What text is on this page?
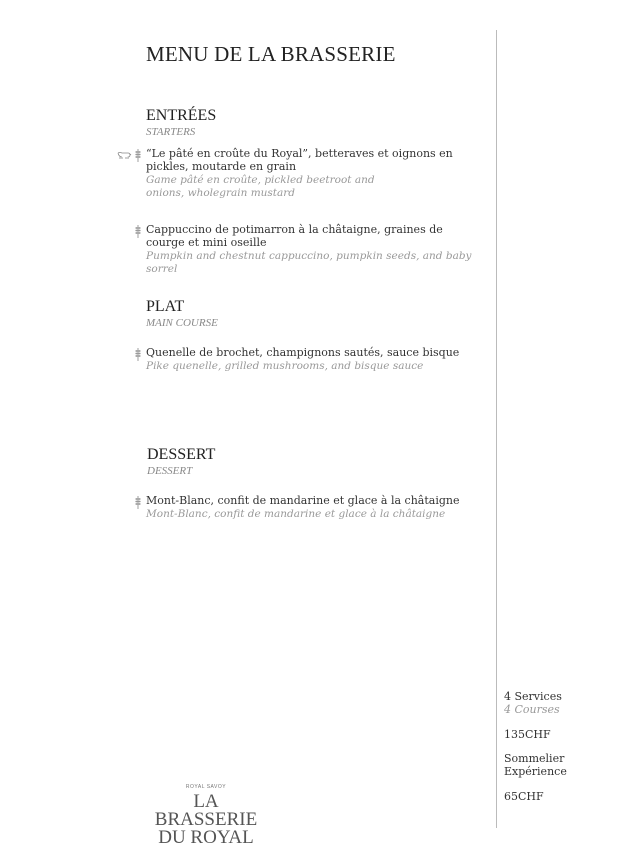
MENU DE LA BRASSERIE
ENTRÉES
STARTERS
“Le pâté en croûte du Royal”, betteraves et oignons en pickles, moutarde en grain
Game pâté en croûte, pickled beetroot and onions, wholegrain mustard
Cappuccino de potimarron à la châtaigne, graines de courge et mini oseille
Pumpkin and chestnut cappuccino, pumpkin seeds, and baby sorrel
PLAT
MAIN COURSE
Quenelle de brochet, champignons sautés, sauce bisque
Pike quenelle, grilled mushrooms, and bisque sauce
DESSERT
DESSERT
Mont-Blanc, confit de mandarine et glace à la châtaigne
Mont-Blanc, confit de mandarine et glace à la châtaigne
4 Services
4 Courses
135CHF
Sommelier Expérience
65CHF
ROYAL SAVOY
LA BRASSERIE
DU ROYAL
